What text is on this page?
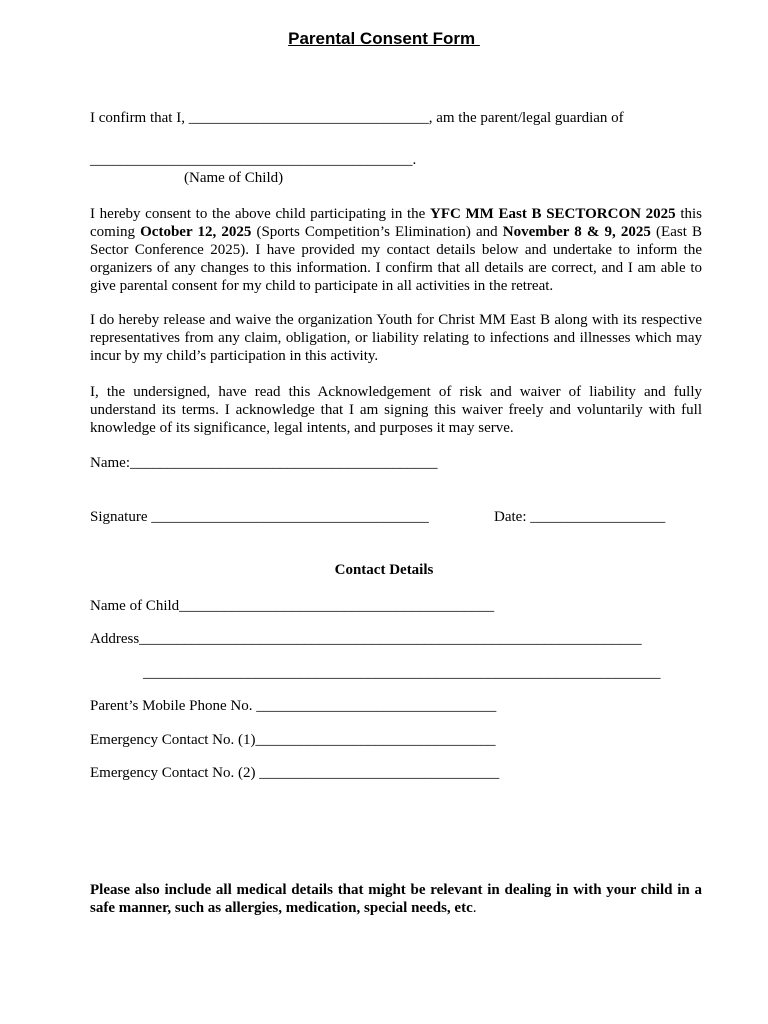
Parental Consent Form
I confirm that I, ________________________________, am the parent/legal guardian of
___________________________________________.
(Name of Child)
I hereby consent to the above child participating in the YFC MM East B SECTORCON 2025 this coming October 12, 2025 (Sports Competition’s Elimination) and November 8 & 9, 2025 (East B Sector Conference 2025). I have provided my contact details below and undertake to inform the organizers of any changes to this information. I confirm that all details are correct, and I am able to give parental consent for my child to participate in all activities in the retreat.
I do hereby release and waive the organization Youth for Christ MM East B along with its respective representatives from any claim, obligation, or liability relating to infections and illnesses which may incur by my child’s participation in this activity.
I, the undersigned, have read this Acknowledgement of risk and waiver of liability and fully understand its terms. I acknowledge that I am signing this waiver freely and voluntarily with full knowledge of its significance, legal intents, and purposes it may serve.
Name:_________________________________________
Signature _____________________________________	Date: __________________
Contact Details
Name of Child__________________________________________
Address___________________________________________________________________
_____________________________________________________________________
Parent’s Mobile Phone No. ________________________________
Emergency Contact No. (1)________________________________
Emergency Contact No. (2) ________________________________
Please also include all medical details that might be relevant in dealing in with your child in a safe manner, such as allergies, medication, special needs, etc.
